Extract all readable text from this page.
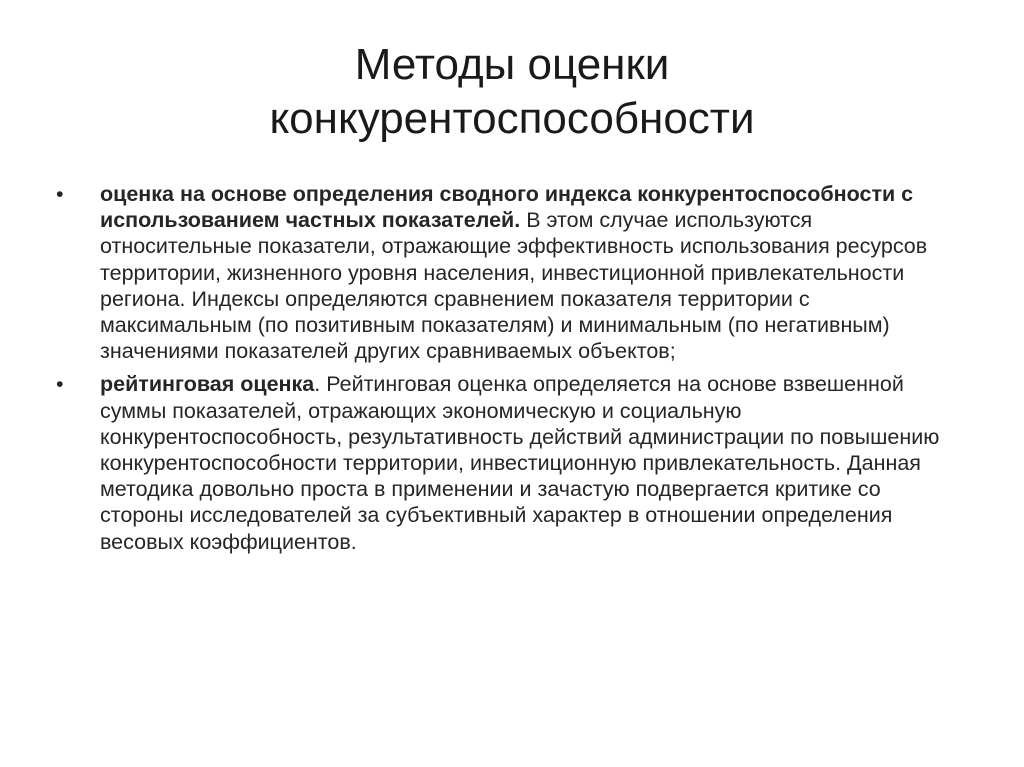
Методы оценки
конкурентоспособности
•	оценка на основе определения сводного индекса конкурентоспособности с использованием частных показателей. В этом случае используются относительные показатели, отражающие эффективность использования ресурсов территории, жизненного уровня населения, инвестиционной привлекательности региона. Индексы определяются сравнением показателя территории с максимальным (по позитивным показателям) и минимальным (по негативным) значениями показателей других сравниваемых объектов;
•	рейтинговая оценка. Рейтинговая оценка определяется на основе взвешенной суммы показателей, отражающих экономическую и социальную конкурентоспособность, результативность действий администрации по повышению конкурентоспособности территории, инвестиционную привлекательность. Данная методика довольно проста в применении и зачастую подвергается критике со стороны исследователей за субъективный характер в отношении определения весовых коэффициентов.
